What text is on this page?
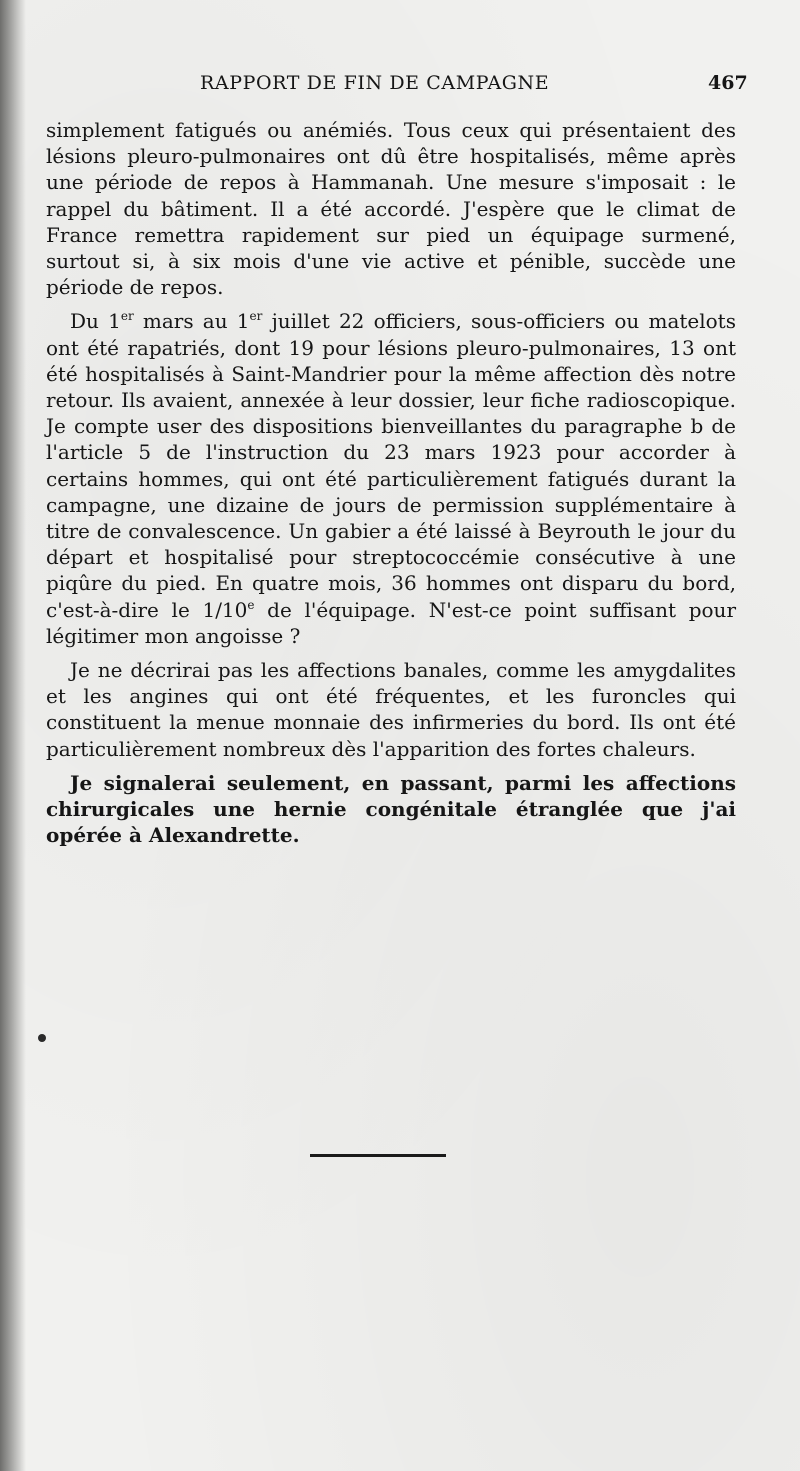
RAPPORT DE FIN DE CAMPAGNE	467

simplement fatigués ou anémiés. Tous ceux qui présentaient des lésions pleuro-pulmonaires ont dû être hospitalisés, même après une période de repos à Hammanah. Une mesure s'imposait : le rappel du bâtiment. Il a été accordé. J'espère que le climat de France remettra rapidement sur pied un équipage surmené, surtout si, à six mois d'une vie active et pénible, succède une période de repos.

Du 1er mars au 1er juillet 22 officiers, sous-officiers ou matelots ont été rapatriés, dont 19 pour lésions pleuro-pulmonaires, 13 ont été hospitalisés à Saint-Mandrier pour la même affection dès notre retour. Ils avaient, annexée à leur dossier, leur fiche radioscopique. Je compte user des dispositions bienveillantes du paragraphe b de l'article 5 de l'instruction du 23 mars 1923 pour accorder à certains hommes, qui ont été particulièrement fatigués durant la campagne, une dizaine de jours de permission supplémentaire à titre de convalescence. Un gabier a été laissé à Beyrouth le jour du départ et hospitalisé pour streptococcémie consécutive à une piqûre du pied. En quatre mois, 36 hommes ont disparu du bord, c'est-à-dire le 1/10e de l'équipage. N'est-ce point suffisant pour légitimer mon angoisse ?

Je ne décrirai pas les affections banales, comme les amygdalites et les angines qui ont été fréquentes, et les furoncles qui constituent la menue monnaie des infirmeries du bord. Ils ont été particulièrement nombreux dès l'apparition des fortes chaleurs.

Je signalerai seulement, en passant, parmi les affections chirurgicales une hernie congénitale étranglée que j'ai opérée à Alexandrette.
